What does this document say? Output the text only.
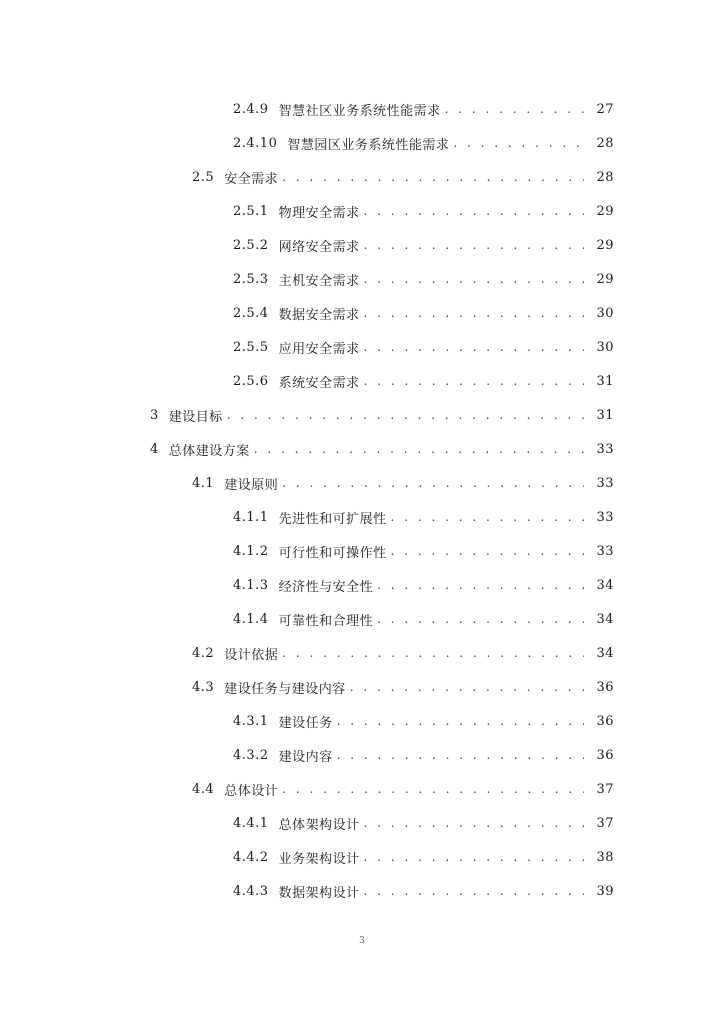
2.4.9 智慧社区业务系统性能需求 . . .	27
2.4.10 智慧园区业务系统性能需求 . . .	28
2.5 安全需求 . . .	28
2.5.1 物理安全需求 . . .	29
2.5.2 网络安全需求 . . .	29
2.5.3 主机安全需求 . . .	29
2.5.4 数据安全需求 . . .	30
2.5.5 应用安全需求 . . .	30
2.5.6 系统安全需求 . . .	31
3 建设目标 . . .	31
4 总体建设方案 . . .	33
4.1 建设原则 . . .	33
4.1.1 先进性和可扩展性 . . .	33
4.1.2 可行性和可操作性 . . .	33
4.1.3 经济性与安全性 . . .	34
4.1.4 可靠性和合理性 . . .	34
4.2 设计依据 . . .	34
4.3 建设任务与建设内容 . . .	36
4.3.1 建设任务 . . .	36
4.3.2 建设内容 . . .	36
4.4 总体设计 . . .	37
4.4.1 总体架构设计 . . .	37
4.4.2 业务架构设计 . . .	38
4.4.3 数据架构设计 . . .	39
3
